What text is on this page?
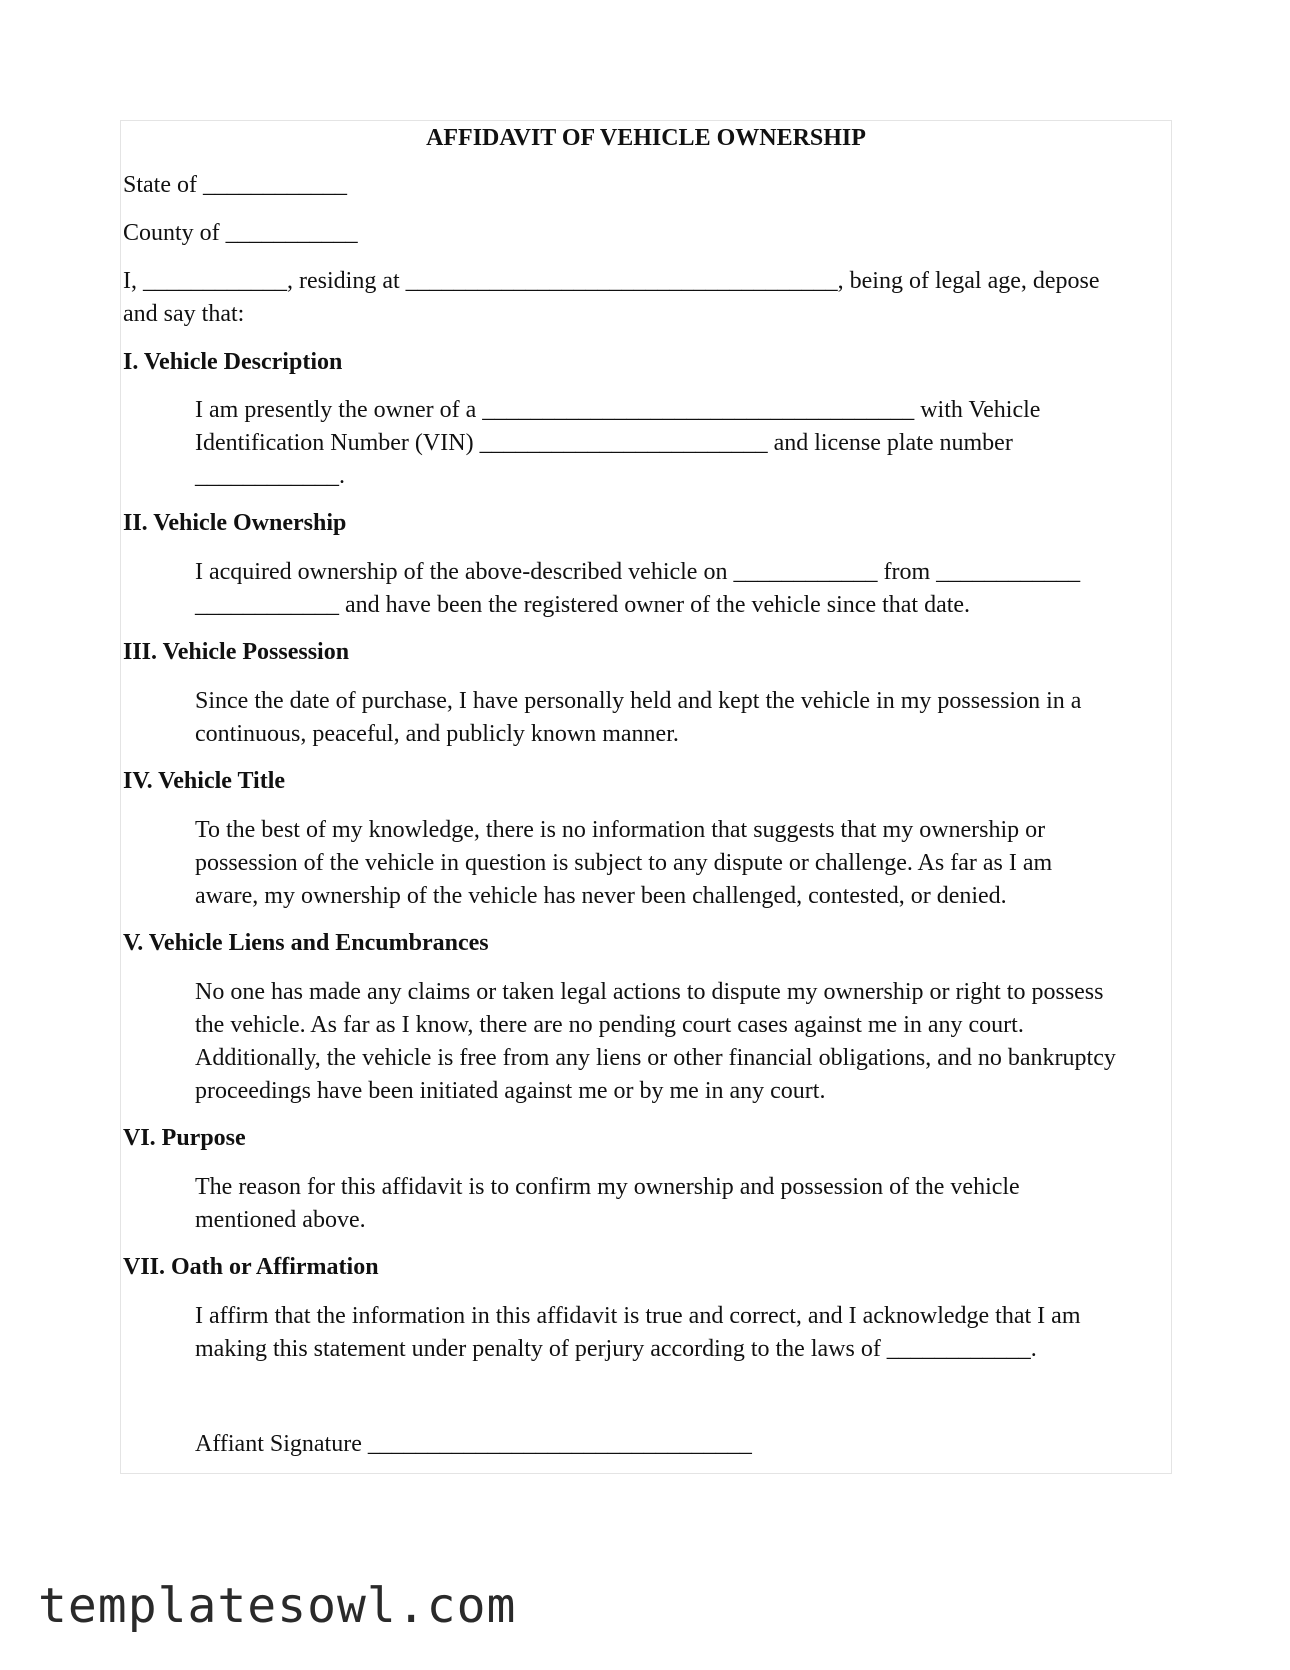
AFFIDAVIT OF VEHICLE OWNERSHIP
State of ____________
County of ___________
I, ____________, residing at ____________________________________, being of legal age, depose
and say that:
I. Vehicle Description
I am presently the owner of a ____________________________________ with Vehicle
Identification Number (VIN) ________________________ and license plate number
____________.
II. Vehicle Ownership
I acquired ownership of the above-described vehicle on ____________ from ____________
____________ and have been the registered owner of the vehicle since that date.
III. Vehicle Possession
Since the date of purchase, I have personally held and kept the vehicle in my possession in a
continuous, peaceful, and publicly known manner.
IV. Vehicle Title
To the best of my knowledge, there is no information that suggests that my ownership or
possession of the vehicle in question is subject to any dispute or challenge. As far as I am
aware, my ownership of the vehicle has never been challenged, contested, or denied.
V. Vehicle Liens and Encumbrances
No one has made any claims or taken legal actions to dispute my ownership or right to possess
the vehicle. As far as I know, there are no pending court cases against me in any court.
Additionally, the vehicle is free from any liens or other financial obligations, and no bankruptcy
proceedings have been initiated against me or by me in any court.
VI. Purpose
The reason for this affidavit is to confirm my ownership and possession of the vehicle
mentioned above.
VII. Oath or Affirmation
I affirm that the information in this affidavit is true and correct, and I acknowledge that I am
making this statement under penalty of perjury according to the laws of ____________.
Affiant Signature ________________________________
templatesowl.com
